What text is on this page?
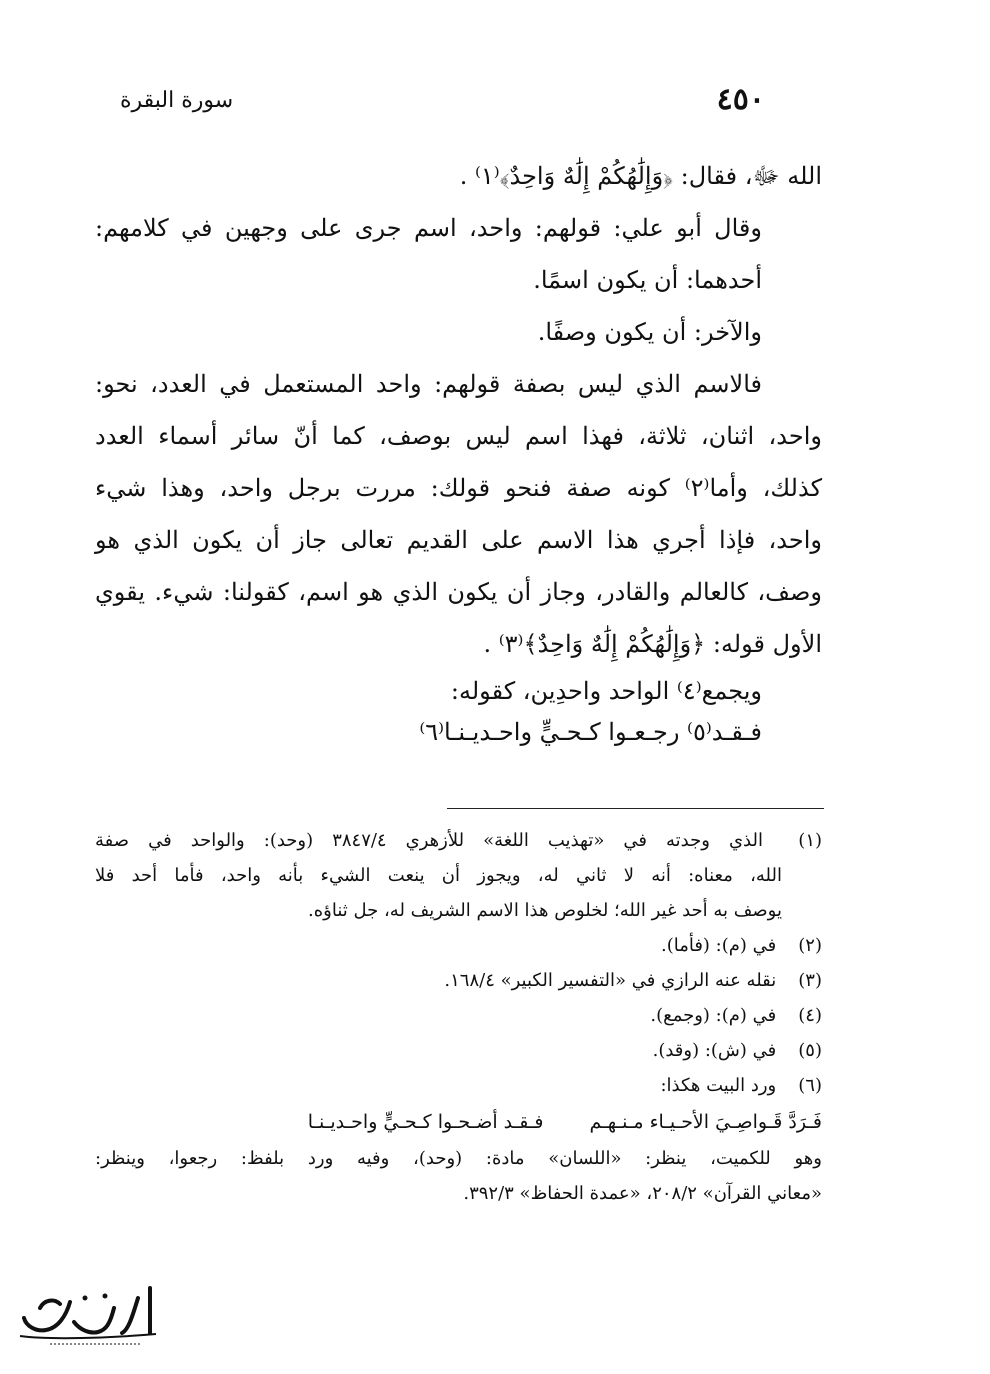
سورة البقرة	٤٥٠
الله ﷻ، فقال: ﴿وَإِلَٰهُكُمْ إِلَٰهٌ وَاحِدٌ﴾⁽١⁾ .
وقال أبو علي: قولهم: واحد، اسم جرى على وجهين في كلامهم:
أحدهما: أن يكون اسمًا.
والآخر: أن يكون وصفًا.
فالاسم الذي ليس بصفة قولهم: واحد المستعمل في العدد، نحو:
واحد، اثنان، ثلاثة، فهذا اسم ليس بوصف، كما أنّ سائر أسماء العدد
كذلك، وأما⁽٢⁾ كونه صفة فنحو قولك: مررت برجل واحد، وهذا شيء
واحد، فإذا أجري هذا الاسم على القديم تعالى جاز أن يكون الذي هو
وصف، كالعالم والقادر، وجاز أن يكون الذي هو اسم، كقولنا: شيء. يقوي
الأول قوله: ﴿وَإِلَٰهُكُمْ إِلَٰهٌ وَاحِدٌ﴾⁽٣⁾ .
ويجمع⁽٤⁾ الواحد واحدِين، كقوله:
فـقـد⁽٥⁾ رجـعـوا كـحـيٍّ واحـديـنـا⁽٦⁾
(١) الذي وجدته في «تهذيب اللغة» للأزهري ٣٨٤٧/٤ (وحد): والواحد في صفة
الله، معناه: أنه لا ثاني له، ويجوز أن ينعت الشيء بأنه واحد، فأما أحد فلا
يوصف به أحد غير الله؛ لخلوص هذا الاسم الشريف له، جل ثناؤه.
(٢) في (م): (فأما).
(٣) نقله عنه الرازي في «التفسير الكبير» ١٦٨/٤.
(٤) في (م): (وجمع).
(٥) في (ش): (وقد).
(٦) ورد البيت هكذا:
فَـرَدَّ قَـواصِـيَ الأحـيـاء مـنـهـم فـقـد أضـحـوا كـحـيٍّ واحـديـنـا
وهو للكميت، ينظر: «اللسان» مادة: (وحد)، وفيه ورد بلفظ: رجعوا، وينظر:
«معاني القرآن» ٢٠٨/٢، «عمدة الحفاظ» ٣٩٢/٣.
